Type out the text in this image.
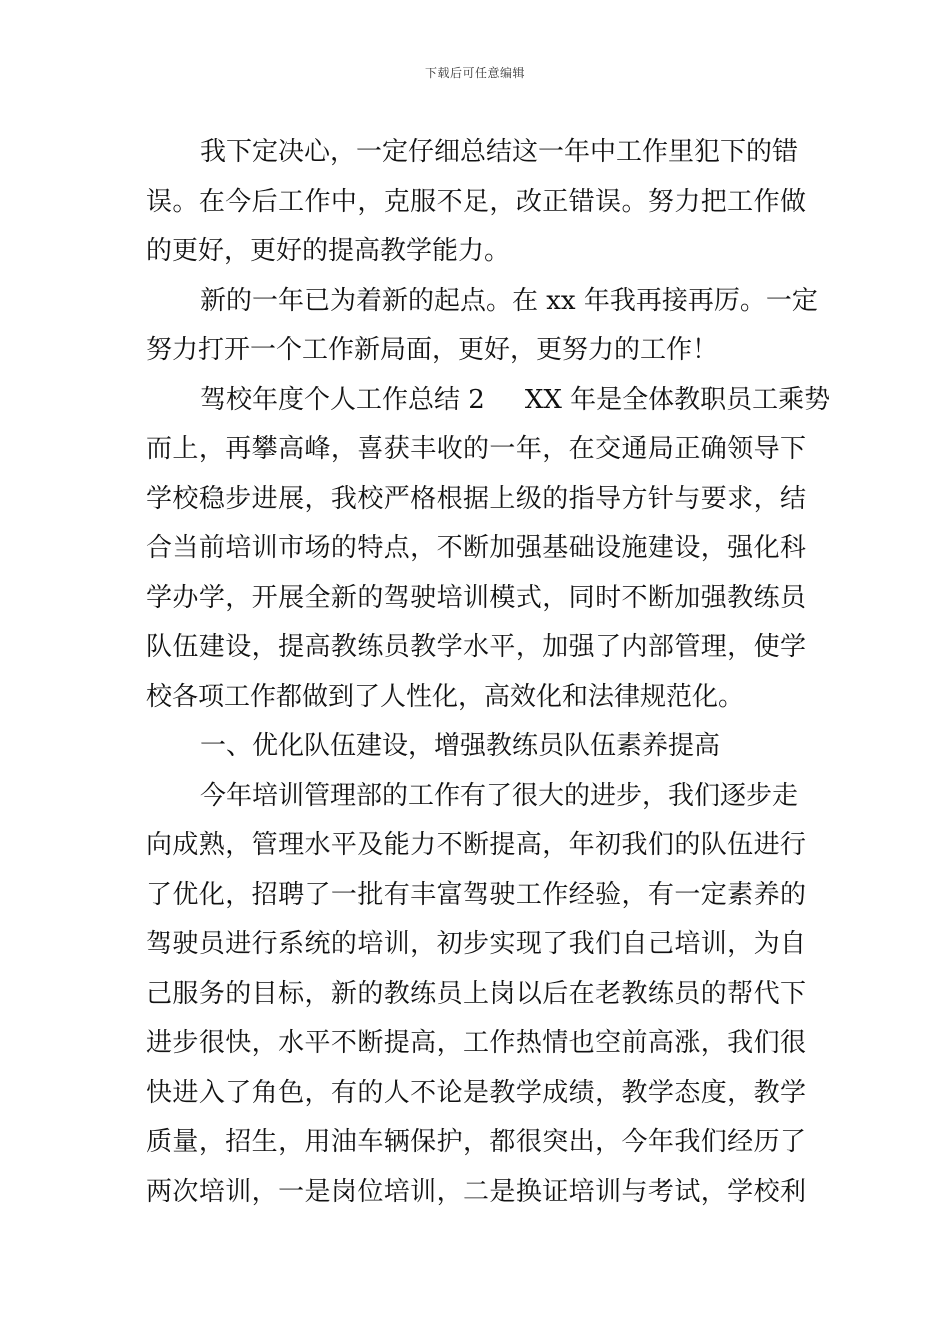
下载后可任意编辑
我下定决心，一定仔细总结这一年中工作里犯下的错
误。在今后工作中，克服不足，改正错误。努力把工作做
的更好，更好的提高教学能力。
新的一年已为着新的起点。在 xx 年我再接再厉。一定
努力打开一个工作新局面，更好，更努力的工作！
驾校年度个人工作总结 2 XX 年是全体教职员工乘势
而上，再攀高峰，喜获丰收的一年，在交通局正确领导下
学校稳步进展，我校严格根据上级的指导方针与要求，结
合当前培训市场的特点，不断加强基础设施建设，强化科
学办学，开展全新的驾驶培训模式，同时不断加强教练员
队伍建设，提高教练员教学水平，加强了内部管理，使学
校各项工作都做到了人性化，高效化和法律规范化。
一、优化队伍建设，增强教练员队伍素养提高
今年培训管理部的工作有了很大的进步，我们逐步走
向成熟，管理水平及能力不断提高，年初我们的队伍进行
了优化，招聘了一批有丰富驾驶工作经验，有一定素养的
驾驶员进行系统的培训，初步实现了我们自己培训，为自
己服务的目标，新的教练员上岗以后在老教练员的帮代下
进步很快，水平不断提高，工作热情也空前高涨，我们很
快进入了角色，有的人不论是教学成绩，教学态度，教学
质量，招生，用油车辆保护，都很突出，今年我们经历了
两次培训，一是岗位培训，二是换证培训与考试，学校利
